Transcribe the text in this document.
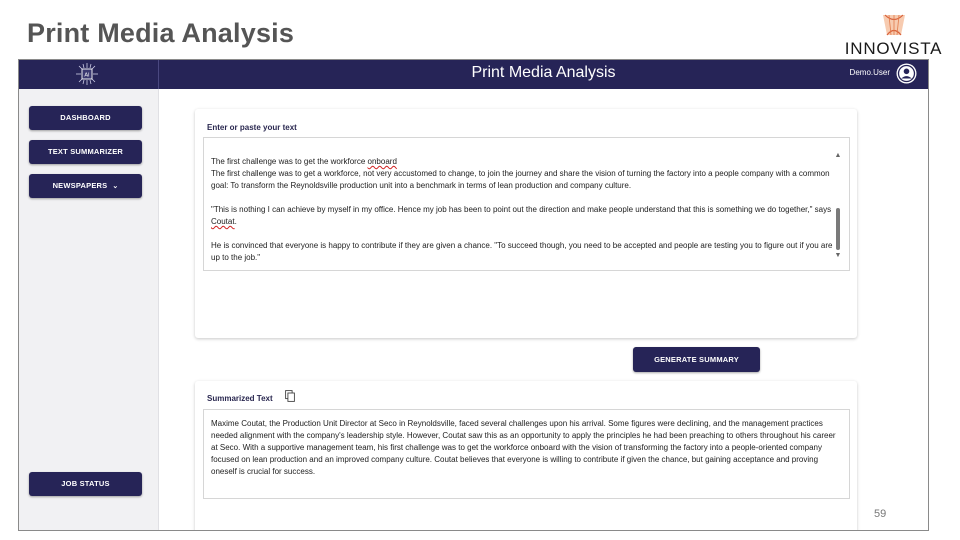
Print Media Analysis
INNOVISTA
AI	Print Media Analysis	Demo.User
DASHBOARD
TEXT SUMMARIZER
NEWSPAPERS ⌄
JOB STATUS
Enter or paste your text
The first challenge was to get the workforce onboard

The first challenge was to get a workforce, not very accustomed to change, to join the journey and share the vision of turning the factory into a people company with a common goal: To transform the Reynoldsville production unit into a benchmark in terms of lean production and company culture.

"This is nothing I can achieve by myself in my office. Hence my job has been to point out the direction and make people understand that this is something we do together," says Coutat.

He is convinced that everyone is happy to contribute if they are given a chance. "To succeed though, you need to be accepted and people are testing you to figure out if you are up to the job."

▲
▼
GENERATE SUMMARY
Summarized Text
Maxime Coutat, the Production Unit Director at Seco in Reynoldsville, faced several challenges upon his arrival. Some figures were declining, and the management practices needed alignment with the company's leadership style. However, Coutat saw this as an opportunity to apply the principles he had been preaching to others throughout his career at Seco. With a supportive management team, his first challenge was to get the workforce onboard with the vision of transforming the factory into a people-oriented company focused on lean production and an improved company culture. Coutat believes that everyone is willing to contribute if given the chance, but gaining acceptance and proving oneself is crucial for success.
59
